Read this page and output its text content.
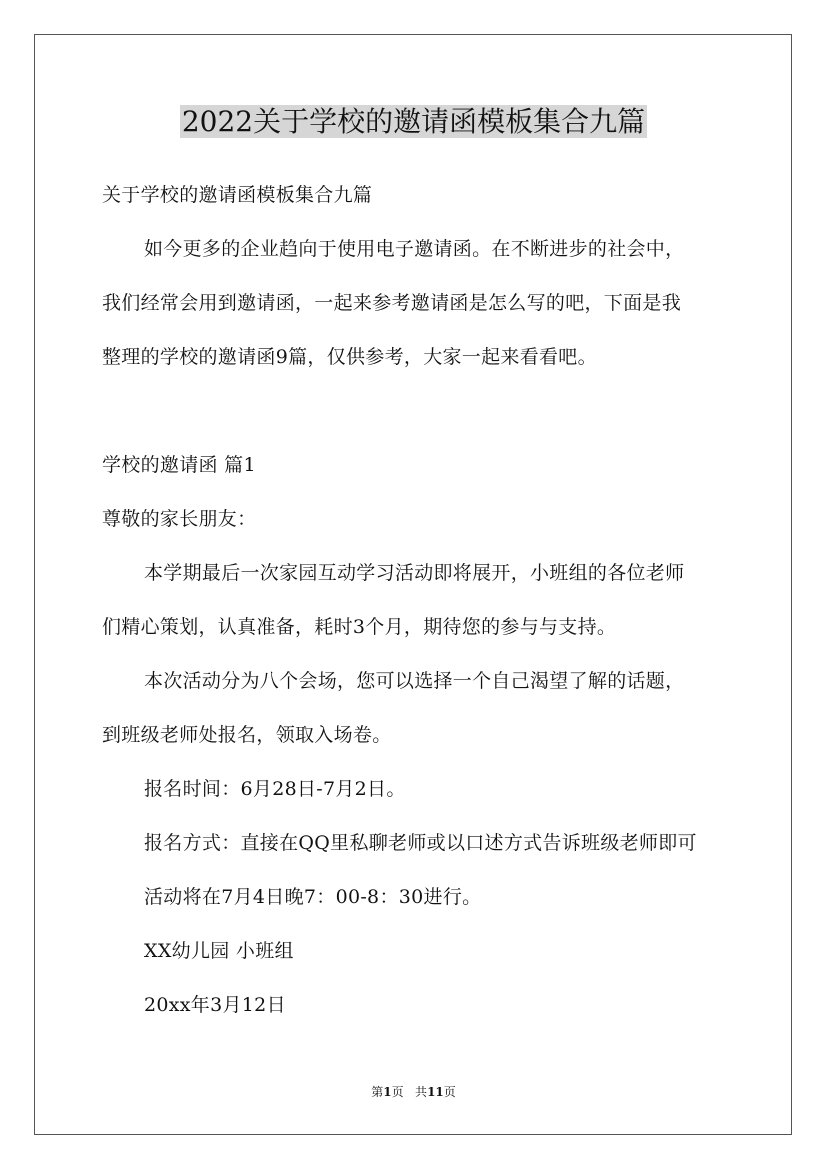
2022关于学校的邀请函模板集合九篇
关于学校的邀请函模板集合九篇
如今更多的企业趋向于使用电子邀请函。在不断进步的社会中，
我们经常会用到邀请函，一起来参考邀请函是怎么写的吧，下面是我
整理的学校的邀请函9篇，仅供参考，大家一起来看看吧。
学校的邀请函 篇1
尊敬的家长朋友：
本学期最后一次家园互动学习活动即将展开，小班组的各位老师
们精心策划，认真准备，耗时3个月，期待您的参与与支持。
本次活动分为八个会场，您可以选择一个自己渴望了解的话题，
到班级老师处报名，领取入场卷。
报名时间：6月28日-7月2日。
报名方式：直接在QQ里私聊老师或以口述方式告诉班级老师即可
活动将在7月4日晚7：00-8：30进行。
XX幼儿园 小班组
20xx年3月12日
第1页 共11页
